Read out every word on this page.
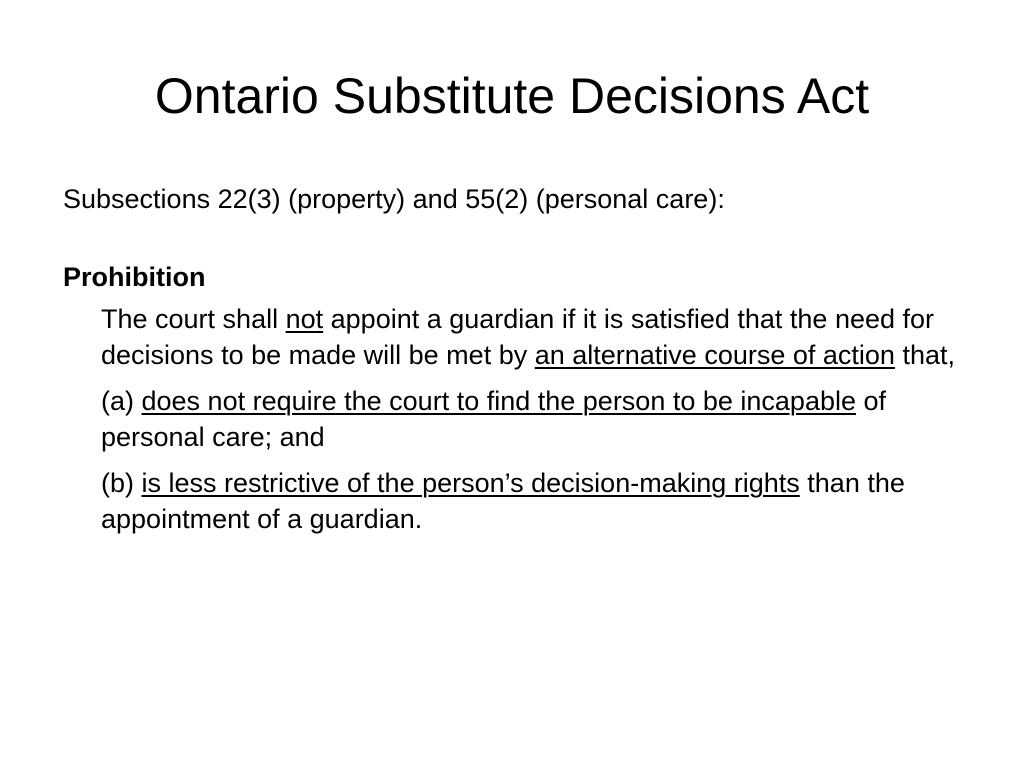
Ontario Substitute Decisions Act

Subsections 22(3) (property) and 55(2) (personal care):

Prohibition

The court shall not appoint a guardian if it is satisfied that the need for decisions to be made will be met by an alternative course of action that,

(a) does not require the court to find the person to be incapable of personal care; and

(b) is less restrictive of the person’s decision-making rights than the appointment of a guardian.
